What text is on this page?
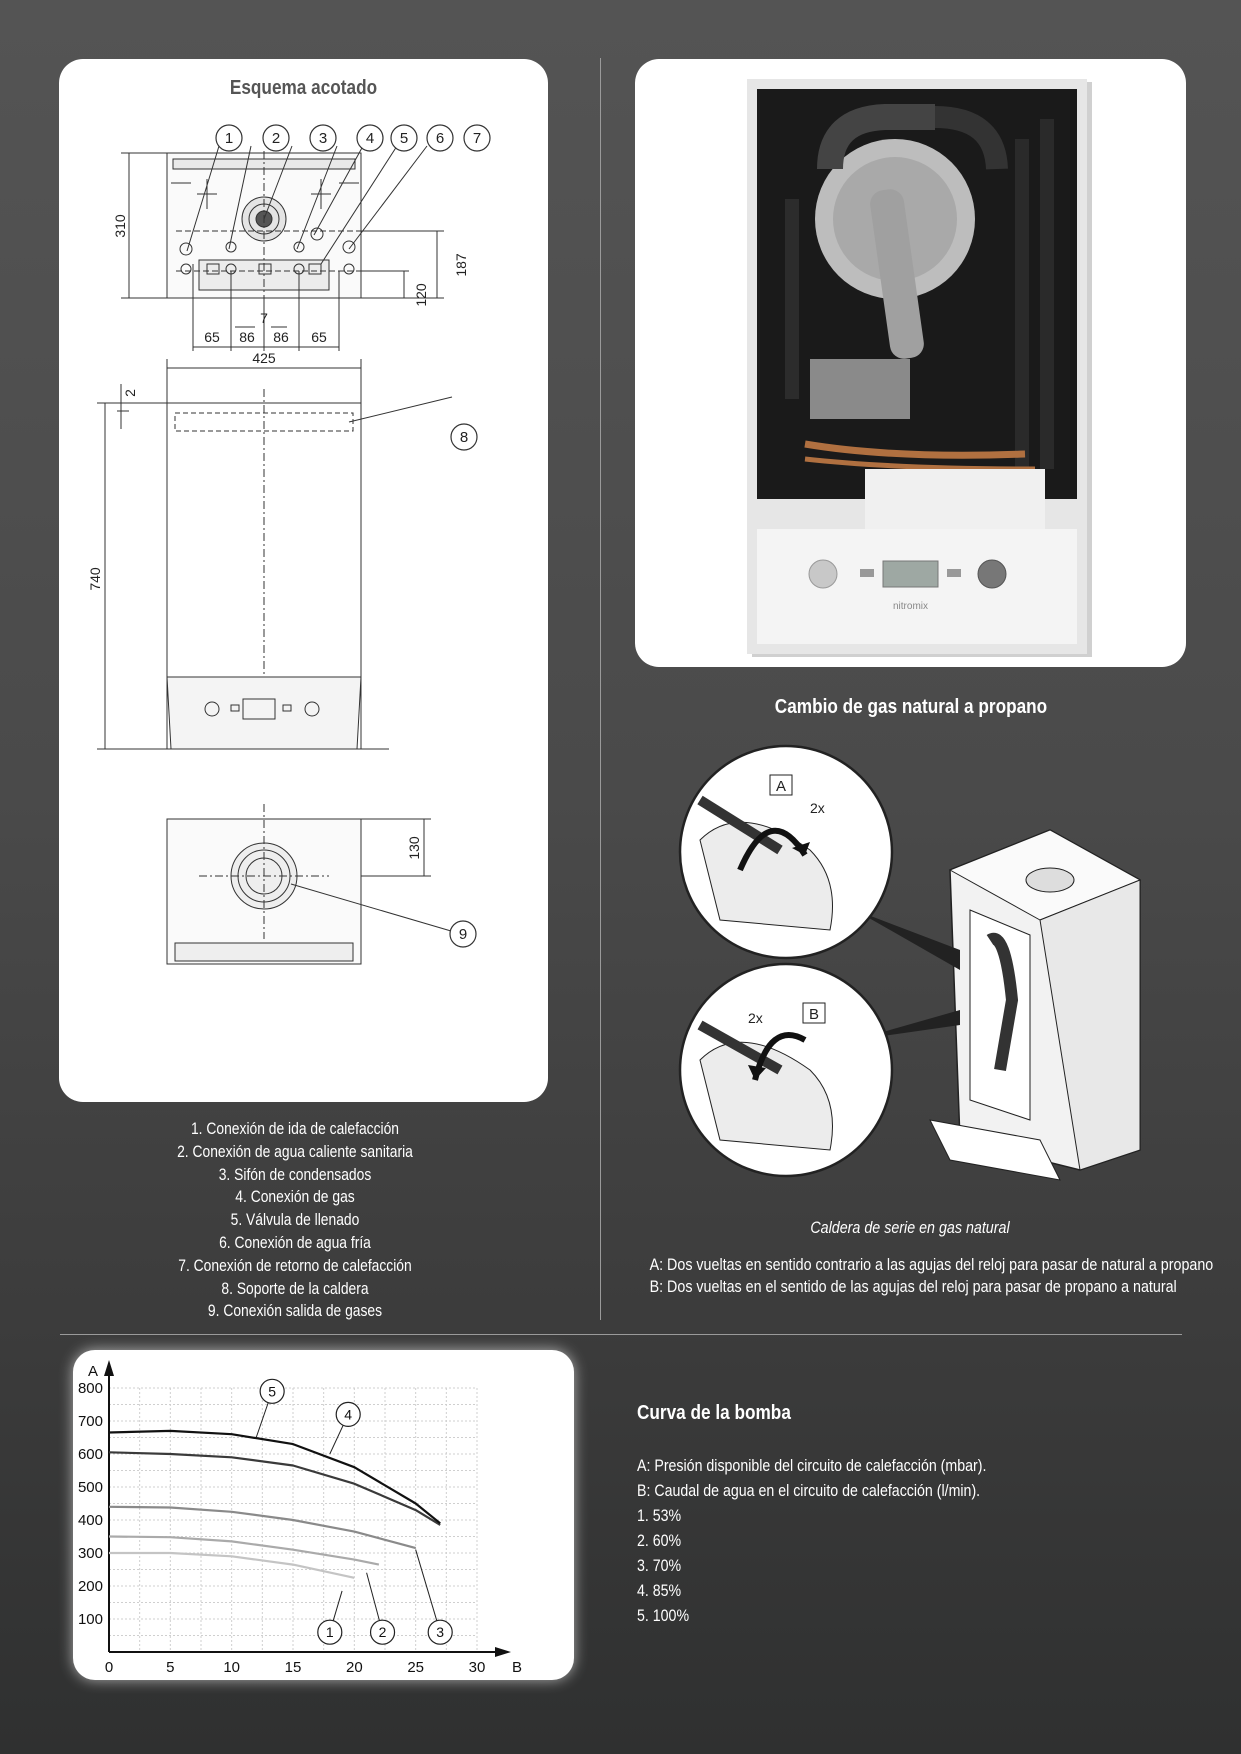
Esquema acotado
1	2	3	4 5 6 7
8
9
310
120
187
65 86
7
86 65
425
2
740
130
nitromix
Cambio de gas natural a propano
A
2x
B
2x
Caldera de serie en gas natural
A: Dos vueltas en sentido contrario a las agujas del reloj para pasar de natural a propano
B: Dos vueltas en el sentido de las agujas del reloj para pasar de propano a natural
1. Conexión de ida de calefacción
2. Conexión de agua caliente sanitaria
3. Sifón de condensados
4. Conexión de gas
5. Válvula de llenado
6. Conexión de agua fría
7. Conexión de retorno de calefacción
8. Soporte de la caldera
9. Conexión salida de gases
0	5	10	15	20	25	30
100
200
300
400
500
600
700
800
B
A
1	2	3
4
5
Curva de la bomba
A: Presión disponible del circuito de calefacción (mbar).
B: Caudal de agua en el circuito de calefacción (l/min).
1. 53%
2. 60%
3. 70%
4. 85%
5. 100%
